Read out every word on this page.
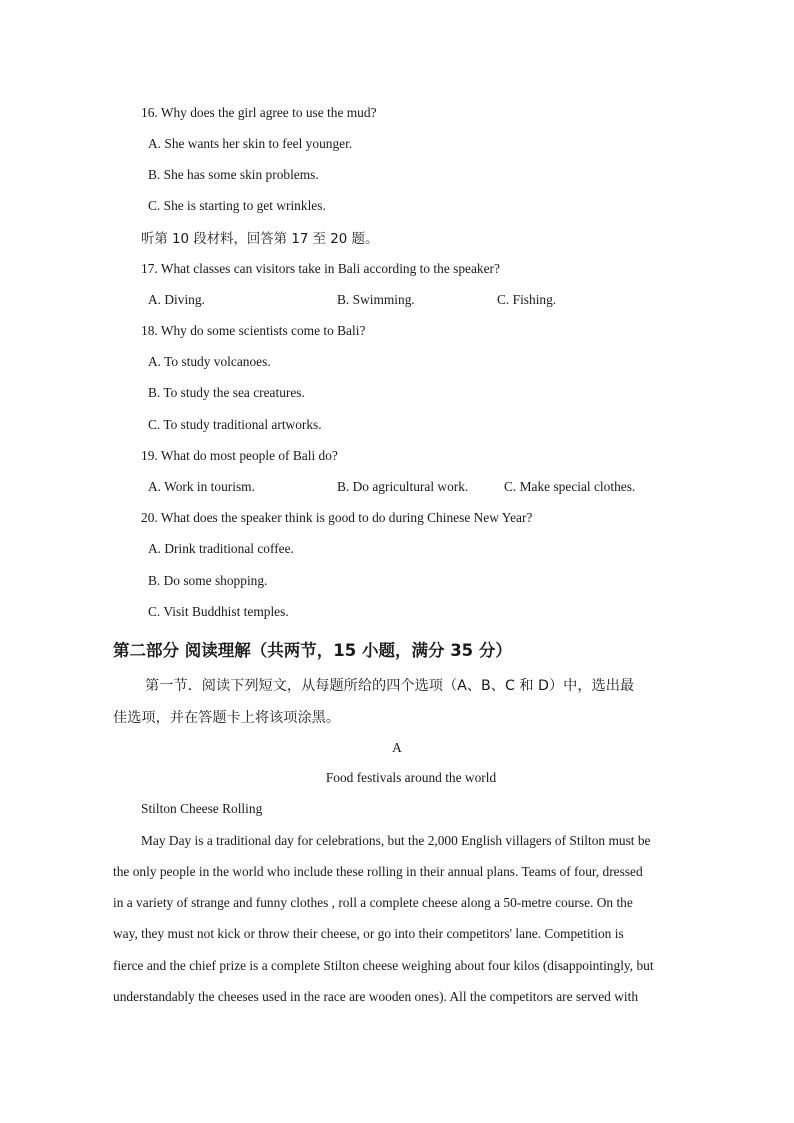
16. Why does the girl agree to use the mud?
A. She wants her skin to feel younger.
B. She has some skin problems.
C. She is starting to get wrinkles.
听第 10 段材料，回答第 17 至 20 题。
17. What classes can visitors take in Bali according to the speaker?
A. Diving.	B. Swimming.	C. Fishing.
18. Why do some scientists come to Bali?
A. To study volcanoes.
B. To study the sea creatures.
C. To study traditional artworks.
19. What do most people of Bali do?
A. Work in tourism.	B. Do agricultural work.	C. Make special clothes.
20. What does the speaker think is good to do during Chinese New Year?
A. Drink traditional coffee.
B. Do some shopping.
C. Visit Buddhist temples.
第二部分 阅读理解（共两节，15 小题，满分 35 分）
第一节．阅读下列短文，从每题所给的四个选项（A、B、C 和 D）中，选出最
佳选项，并在答题卡上将该项涂黑。
A
Food festivals around the world
Stilton Cheese Rolling
May Day is a traditional day for celebrations, but the 2,000 English villagers of Stilton must be
the only people in the world who include these rolling in their annual plans. Teams of four, dressed
in a variety of strange and funny clothes , roll a complete cheese along a 50-metre course. On the
way, they must not kick or throw their cheese, or go into their competitors' lane. Competition is
fierce and the chief prize is a complete Stilton cheese weighing about four kilos (disappointingly, but
understandably the cheeses used in the race are wooden ones). All the competitors are served with
